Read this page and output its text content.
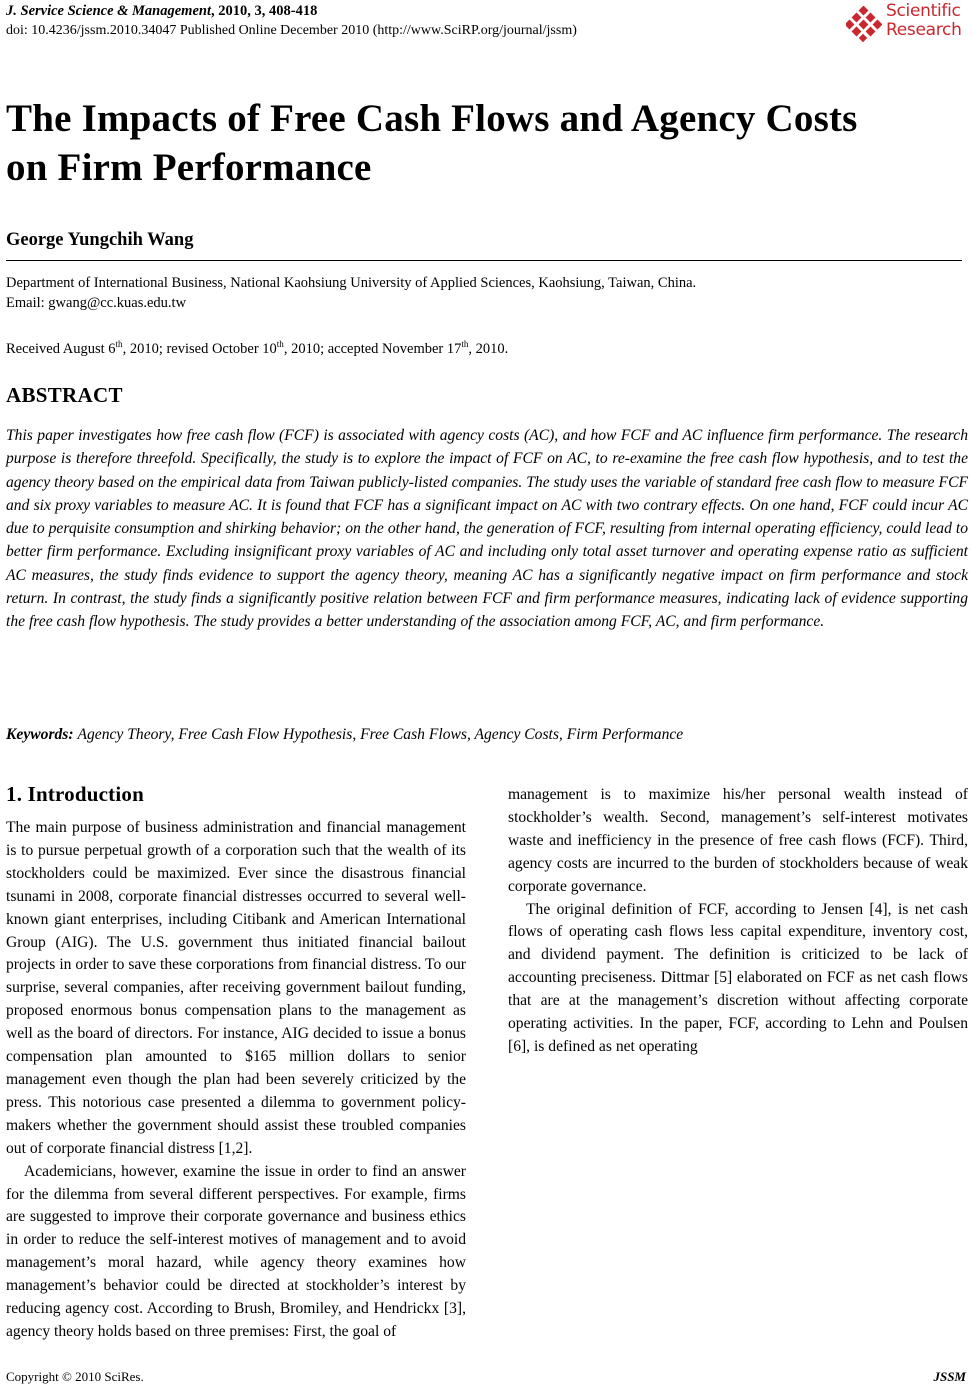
J. Service Science & Management, 2010, 3, 408-418
doi: 10.4236/jssm.2010.34047 Published Online December 2010 (http://www.SciRP.org/journal/jssm)
Scientific
Research
The Impacts of Free Cash Flows and Agency Costs
on Firm Performance

George Yungchih Wang

Department of International Business, National Kaohsiung University of Applied Sciences, Kaohsiung, Taiwan, China.
Email: gwang@cc.kuas.edu.tw
Received August 6th, 2010; revised October 10th, 2010; accepted November 17th, 2010.
ABSTRACT

This paper investigates how free cash flow (FCF) is associated with agency costs (AC), and how FCF and AC influence firm performance. The research purpose is therefore threefold. Specifically, the study is to explore the impact of FCF on AC, to re-examine the free cash flow hypothesis, and to test the agency theory based on the empirical data from Taiwan publicly-listed companies. The study uses the variable of standard free cash flow to measure FCF and six proxy variables to measure AC. It is found that FCF has a significant impact on AC with two contrary effects. On one hand, FCF could incur AC due to perquisite consumption and shirking behavior; on the other hand, the generation of FCF, resulting from internal operating efficiency, could lead to better firm performance. Excluding insignificant proxy variables of AC and including only total asset turnover and operating expense ratio as sufficient AC measures, the study finds evidence to support the agency theory, meaning AC has a significantly negative impact on firm performance and stock return. In contrast, the study finds a significantly positive relation between FCF and firm performance measures, indicating lack of evidence supporting the free cash flow hypothesis. The study provides a better understanding of the association among FCF, AC, and firm performance.

Keywords: Agency Theory, Free Cash Flow Hypothesis, Free Cash Flows, Agency Costs, Firm Performance
1. Introduction

The main purpose of business administration and financial management is to pursue perpetual growth of a corporation such that the wealth of its stockholders could be maximized. Ever since the disastrous financial tsunami in 2008, corporate financial distresses occurred to several well-known giant enterprises, including Citibank and American International Group (AIG). The U.S. government thus initiated financial bailout projects in order to save these corporations from financial distress. To our surprise, several companies, after receiving government bailout funding, proposed enormous bonus compensation plans to the management as well as the board of directors. For instance, AIG decided to issue a bonus compensation plan amounted to $165 million dollars to senior management even though the plan had been severely criticized by the press. This notorious case presented a dilemma to government policy-makers whether the government should assist these troubled companies out of corporate financial distress [1,2].

Academicians, however, examine the issue in order to find an answer for the dilemma from several different perspectives. For example, firms are suggested to improve their corporate governance and business ethics in order to reduce the self-interest motives of management and to avoid management’s moral hazard, while agency theory examines how management’s behavior could be directed at stockholder’s interest by reducing agency cost. According to Brush, Bromiley, and Hendrickx [3], agency theory holds based on three premises: First, the goal of

management is to maximize his/her personal wealth instead of stockholder’s wealth. Second, management’s self-interest motivates waste and inefficiency in the presence of free cash flows (FCF). Third, agency costs are incurred to the burden of stockholders because of weak corporate governance.

The original definition of FCF, according to Jensen [4], is net cash flows of operating cash flows less capital expenditure, inventory cost, and dividend payment. The definition is criticized to be lack of accounting preciseness. Dittmar [5] elaborated on FCF as net cash flows that are at the management’s discretion without affecting corporate operating activities. In the paper, FCF, according to Lehn and Poulsen [6], is defined as net operating

Copyright © 2010 SciRes.	JSSM
